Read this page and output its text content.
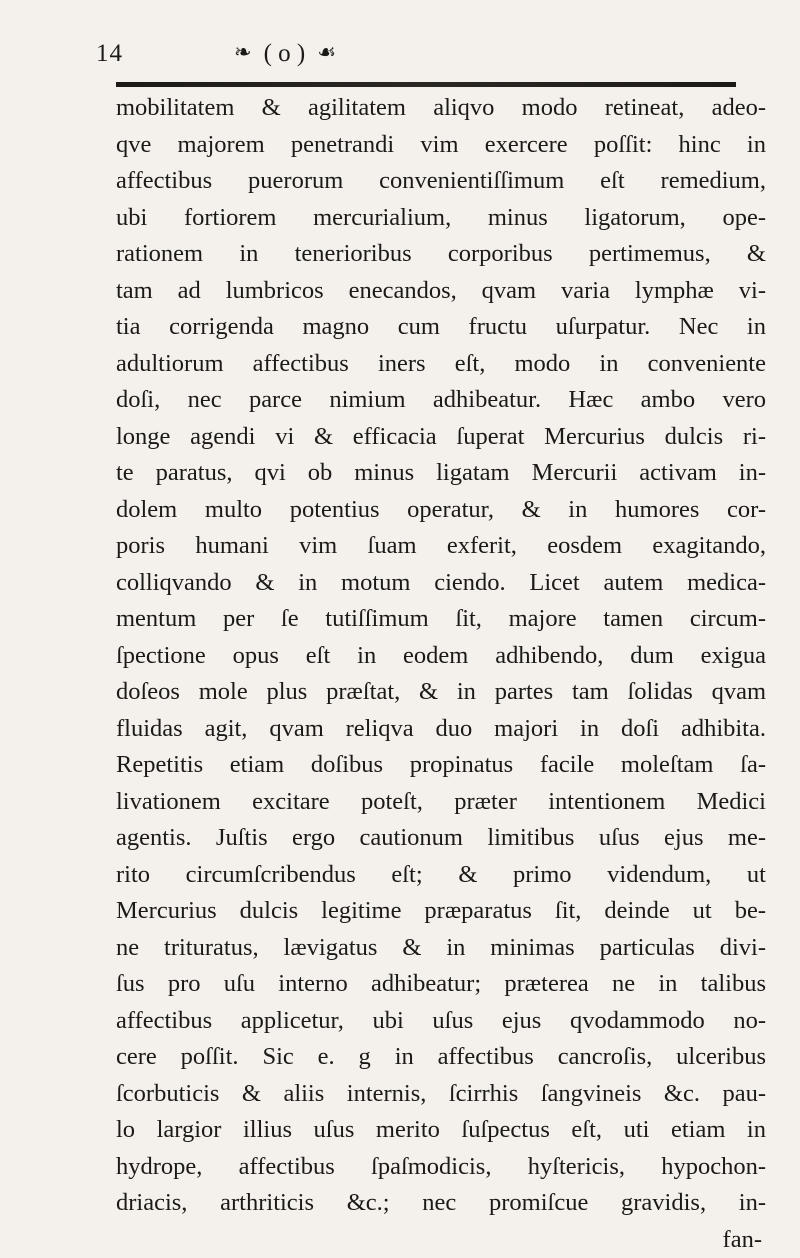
14	❧ ( o ) ☙
mobilitatem & agilitatem aliqvo modo retineat, adeo-
qve majorem penetrandi vim exercere poſſit: hinc in
affectibus puerorum convenientiſſimum eſt remedium,
ubi fortiorem mercurialium, minus ligatorum, ope-
rationem in tenerioribus corporibus pertimemus, &
tam ad lumbricos enecandos, qvam varia lymphæ vi-
tia corrigenda magno cum fructu uſurpatur. Nec in
adultiorum affectibus iners eſt, modo in conveniente
doſi, nec parce nimium adhibeatur. Hæc ambo vero
longe agendi vi & efficacia ſuperat Mercurius dulcis ri-
te paratus, qvi ob minus ligatam Mercurii activam in-
dolem multo potentius operatur, & in humores cor-
poris humani vim ſuam exferit, eosdem exagitando,
colliqvando & in motum ciendo. Licet autem medica-
mentum per ſe tutiſſimum ſit, majore tamen circum-
ſpectione opus eſt in eodem adhibendo, dum exigua
doſeos mole plus præſtat, & in partes tam ſolidas qvam
fluidas agit, qvam reliqva duo majori in doſi adhibita.
Repetitis etiam doſibus propinatus facile moleſtam ſa-
livationem excitare poteſt, præter intentionem Medici
agentis. Juſtis ergo cautionum limitibus uſus ejus me-
rito circumſcribendus eſt; & primo videndum, ut
Mercurius dulcis legitime præparatus ſit, deinde ut be-
ne trituratus, lævigatus & in minimas particulas divi-
ſus pro uſu interno adhibeatur; præterea ne in talibus
affectibus applicetur, ubi uſus ejus qvodammodo no-
cere poſſit. Sic e. g in affectibus cancroſis, ulceribus
ſcorbuticis & aliis internis, ſcirrhis ſangvineis &c. pau-
lo largior illius uſus merito ſuſpectus eſt, uti etiam in
hydrope, affectibus ſpaſmodicis, hyſtericis, hypochon-
driacis, arthriticis &c.; nec promiſcue gravidis, in-
fan-
